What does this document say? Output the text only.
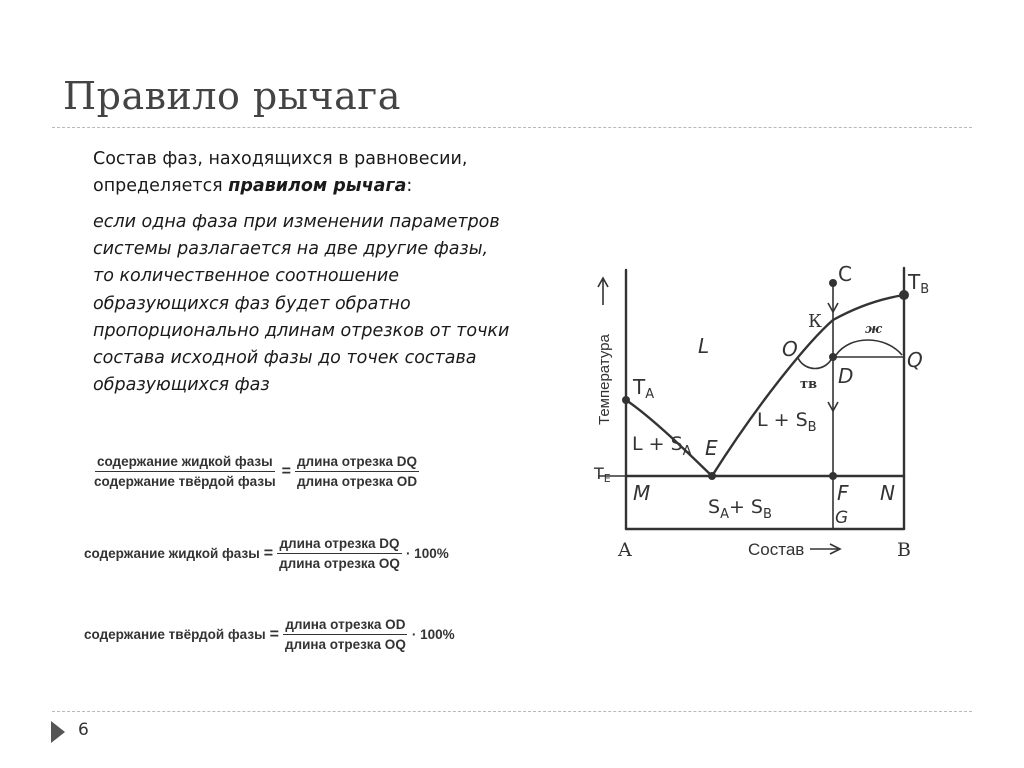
Правило рычага
Состав фаз, находящихся в равновесии, определяется правилом рычага:
если одна фаза при изменении параметров системы разлагается на две другие фазы, то количественное соотношение образующихся фаз будет обратно пропорционально длинам отрезков от точки состава исходной фазы до точек состава образующихся фаз
$\frac{\text{содержание жидкой фазы}}{\text{содержание твёрдой фазы}} = \frac{\text{длина отрезка DQ}}{\text{длина отрезка OD}}$
содержание жидкой фазы = $\frac{\text{длина отрезка DQ}}{\text{длина отрезка OQ}} \cdot 100\%$
содержание твёрдой фазы = $\frac{\text{длина отрезка OD}}{\text{длина отрезка OQ}} \cdot 100\%$
C	$T_B$
$T_A$
TE
К
O
D
Q
L
E
M	F N
G
тв
ж
$L + S_A$
$L + S_B$
$S_A+ S_B$
A	B
Состав
Температура
6
